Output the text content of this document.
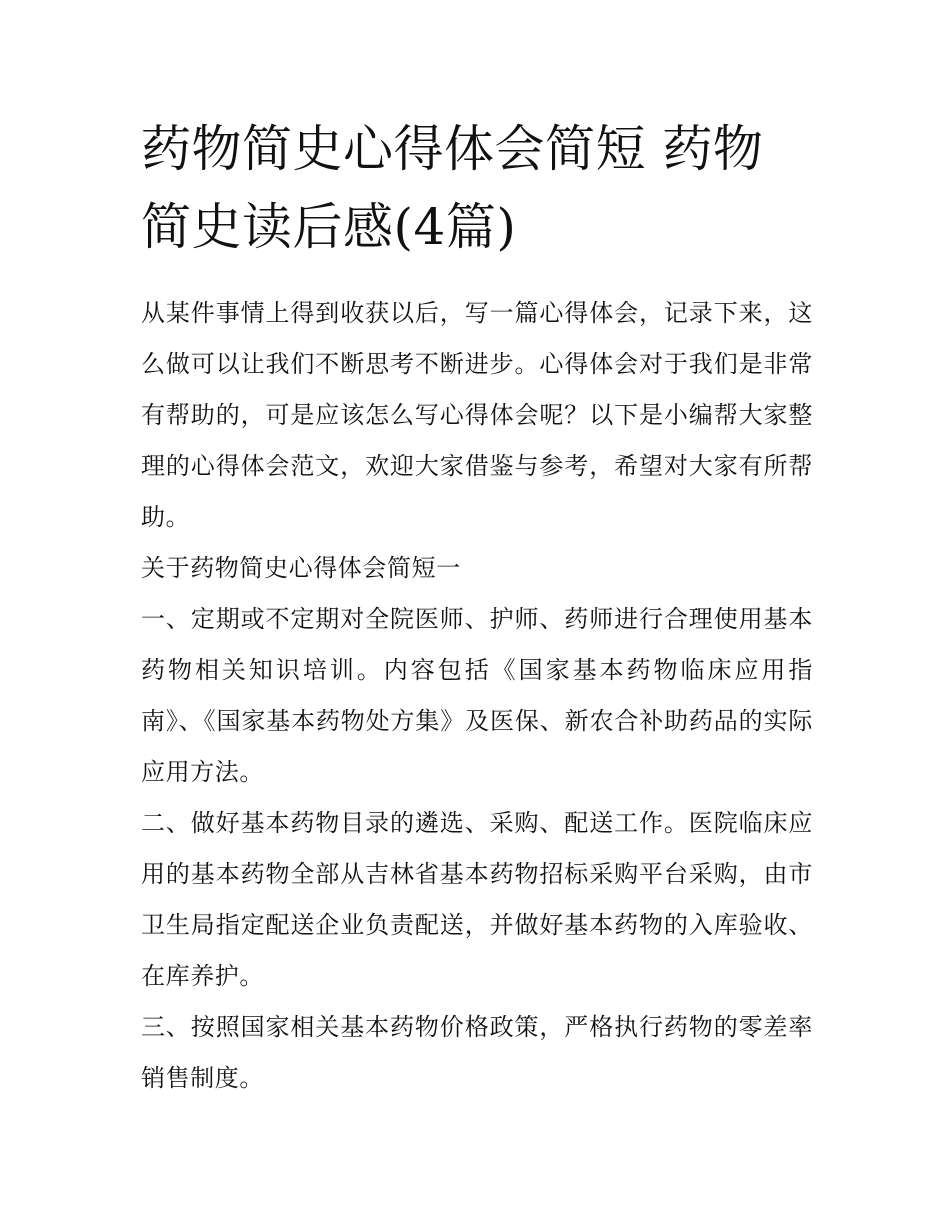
药物简史心得体会简短 药物简史读后感(4篇)

从某件事情上得到收获以后，写一篇心得体会，记录下来，这么做可以让我们不断思考不断进步。心得体会对于我们是非常有帮助的，可是应该怎么写心得体会呢？以下是小编帮大家整理的心得体会范文，欢迎大家借鉴与参考，希望对大家有所帮助。

关于药物简史心得体会简短一

一、定期或不定期对全院医师、护师、药师进行合理使用基本药物相关知识培训。内容包括《国家基本药物临床应用指南》、《国家基本药物处方集》及医保、新农合补助药品的实际应用方法。

二、做好基本药物目录的遴选、采购、配送工作。医院临床应用的基本药物全部从吉林省基本药物招标采购平台采购，由市卫生局指定配送企业负责配送，并做好基本药物的入库验收、在库养护。

三、按照国家相关基本药物价格政策，严格执行药物的零差率销售制度。
